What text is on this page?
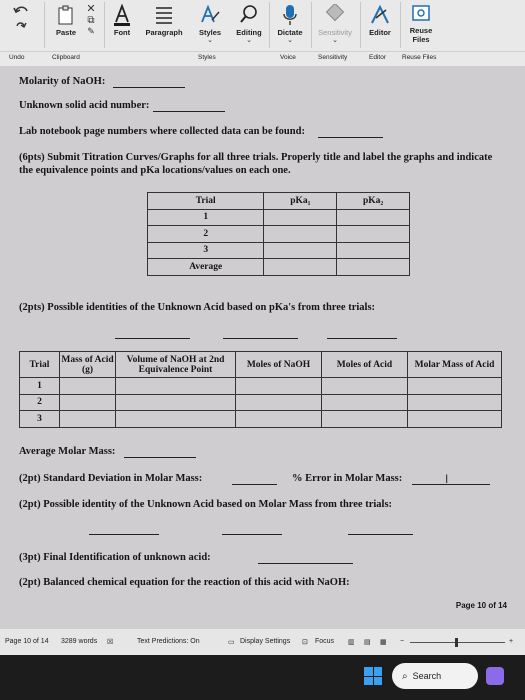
Paste
✕
⧉
✎	Font Paragraph Styles
⌄
Editing
⌄
Dictate
⌄
Sensitivity
⌄
Editor	Reuse Files
Undo	Clipboard	Styles	Voice	Sensitivity	Editor Reuse Files
Molarity of NaOH:
Unknown solid acid number:
Lab notebook page numbers where collected data can be found:
(6pts) Submit Titration Curves/Graphs for all three trials. Properly title and label the graphs and indicate
the equivalence points and pKa locations/values on each one.
Trial	pKa₁	pKa₂
1		
2		
3		
Average		
(2pts) Possible identities of the Unknown Acid based on pKa's from three trials:
Trial	Mass of Acid (g)	Volume of NaOH at 2nd Equivalence Point	Moles of NaOH	Moles of Acid	Molar Mass of Acid
1					
2					
3					
Average Molar Mass:
(2pt) Standard Deviation in Molar Mass:	% Error in Molar Mass:	I
(2pt) Possible identity of the Unknown Acid based on Molar Mass from three trials:
(3pt) Final Identification of unknown acid:
(2pt) Balanced chemical equation for the reaction of this acid with NaOH:
Page 10 of 14
Page 10 of 14 3289 words ☒	Text Predictions: On	▭ Display Settings ⊡ Focus ▥ ▤ ▦ −	+
⌕ Search
